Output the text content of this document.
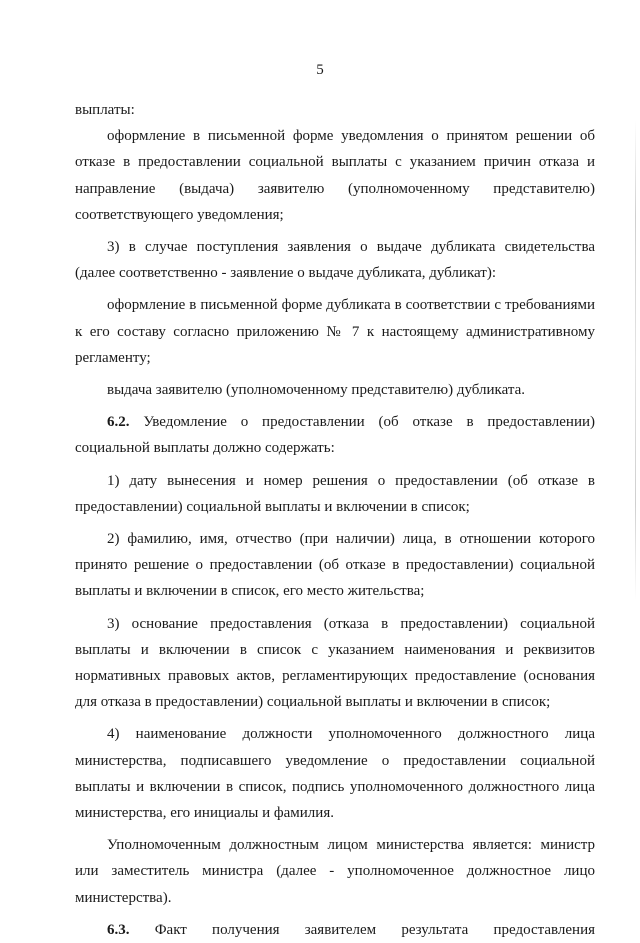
5

выплаты:

оформление в письменной форме уведомления о принятом решении об отказе в предоставлении социальной выплаты с указанием причин отказа и направление (выдача) заявителю (уполномоченному представителю) соответствующего уведомления;

3) в случае поступления заявления о выдаче дубликата свидетельства (далее соответственно - заявление о выдаче дубликата, дубликат):

оформление в письменной форме дубликата в соответствии с требованиями к его составу согласно приложению № 7 к настоящему административному регламенту;

выдача заявителю (уполномоченному представителю) дубликата.

6.2. Уведомление о предоставлении (об отказе в предоставлении) социальной выплаты должно содержать:

1) дату вынесения и номер решения о предоставлении (об отказе в предоставлении) социальной выплаты и включении в список;

2) фамилию, имя, отчество (при наличии) лица, в отношении которого принято решение о предоставлении (об отказе в предоставлении) социальной выплаты и включении в список, его место жительства;

3) основание предоставления (отказа в предоставлении) социальной выплаты и включении в список с указанием наименования и реквизитов нормативных правовых актов, регламентирующих предоставление (основания для отказа в предоставлении) социальной выплаты и включении в список;

4) наименование должности уполномоченного должностного лица министерства, подписавшего уведомление о предоставлении социальной выплаты и включении в список, подпись уполномоченного должностного лица министерства, его инициалы и фамилия.

Уполномоченным должностным лицом министерства является: министр или заместитель министра (далее - уполномоченное должностное лицо министерства).

6.3. Факт получения заявителем результата предоставления
